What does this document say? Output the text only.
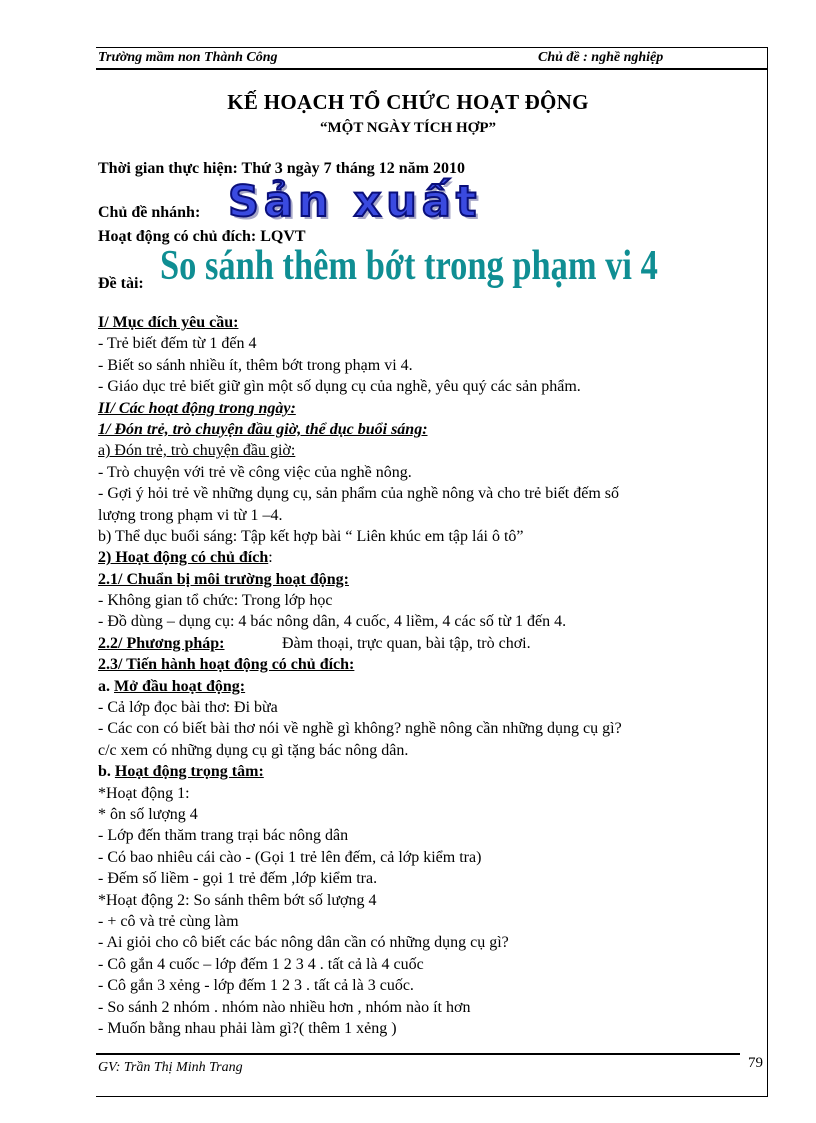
Trường mầm non Thành Công	Chủ đề : nghề nghiệp
KẾ HOẠCH TỔ CHỨC HOẠT ĐỘNG
“MỘT NGÀY TÍCH HỢP”
Thời gian thực hiện: Thứ 3 ngày 7 tháng 12 năm 2010
Chủ đề nhánh: Sản xuất
Hoạt động có chủ đích: LQVT
Đề tài: So sánh thêm bớt trong phạm vi 4
I/ Mục đích yêu cầu:
- Trẻ biết đếm từ 1 đến 4
- Biết so sánh nhiều ít, thêm bớt trong phạm vi 4.
- Giáo dục trẻ biết giữ gìn một số dụng cụ của nghề, yêu quý các sản phẩm.
II/ Các hoạt động trong ngày:
1/ Đón trẻ, trò chuyện đầu giờ, thể dục buổi sáng:
a) Đón trẻ, trò chuyện đầu giờ:
- Trò chuyện với trẻ về công việc của nghề nông.
- Gợi ý hỏi trẻ về những dụng cụ, sản phẩm của nghề nông và cho trẻ biết đếm số
lượng trong phạm vi từ 1 –4.
b) Thể dục buổi sáng: Tập kết hợp bài “ Liên khúc em tập lái ô tô”
2) Hoạt động có chủ đích:
2.1/ Chuẩn bị môi trường hoạt động:
- Không gian tổ chức: Trong lớp học
- Đồ dùng – dụng cụ: 4 bác nông dân, 4 cuốc, 4 liềm, 4 các số từ 1 đến 4.
2.2/ Phương pháp:	Đàm thoại, trực quan, bài tập, trò chơi.
2.3/ Tiến hành hoạt động có chủ đích:
a. Mở đầu hoạt động:
- Cả lớp đọc bài thơ: Đi bừa
- Các con có biết bài thơ nói về nghề gì không? nghề nông cần những dụng cụ gì?
c/c xem có những dụng cụ gì tặng bác nông dân.
b. Hoạt động trọng tâm:
*Hoạt động 1:
* ôn số lượng 4
- Lớp đến thăm trang trại bác nông dân
- Có bao nhiêu cái cào - (Gọi 1 trẻ lên đếm, cả lớp kiểm tra)
- Đếm số liềm - gọi 1 trẻ đếm ,lớp kiểm tra.
*Hoạt động 2: So sánh thêm bớt số lượng 4
- + cô và trẻ cùng làm
- Ai giỏi cho cô biết các bác nông dân cần có những dụng cụ gì?
- Cô gắn 4 cuốc – lớp đếm 1 2 3 4 . tất cả là 4 cuốc
- Cô gắn 3 xẻng - lớp đếm 1 2 3 . tất cả là 3 cuốc.
- So sánh 2 nhóm . nhóm nào nhiều hơn , nhóm nào ít hơn
- Muốn bằng nhau phải làm gì?( thêm 1 xẻng )
GV: Trần Thị Minh Trang	79
